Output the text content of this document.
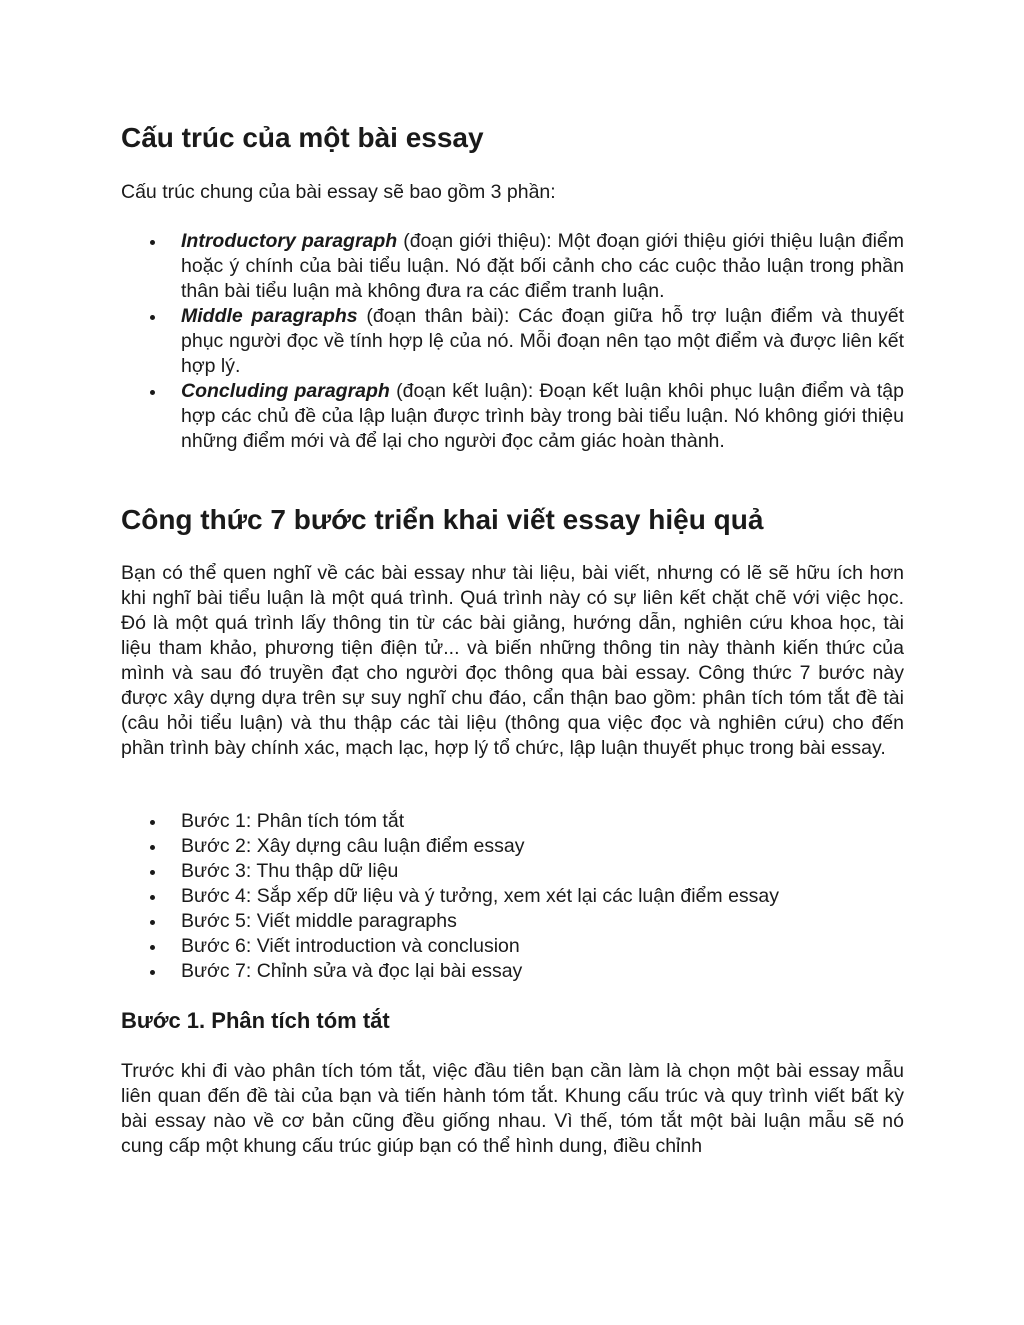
Cấu trúc của một bài essay

Cấu trúc chung của bài essay sẽ bao gồm 3 phần:

Introductory paragraph (đoạn giới thiệu): Một đoạn giới thiệu giới thiệu luận điểm hoặc ý chính của bài tiểu luận. Nó đặt bối cảnh cho các cuộc thảo luận trong phần thân bài tiểu luận mà không đưa ra các điểm tranh luận.
Middle paragraphs (đoạn thân bài): Các đoạn giữa hỗ trợ luận điểm và thuyết phục người đọc về tính hợp lệ của nó. Mỗi đoạn nên tạo một điểm và được liên kết hợp lý.
Concluding paragraph (đoạn kết luận): Đoạn kết luận khôi phục luận điểm và tập hợp các chủ đề của lập luận được trình bày trong bài tiểu luận. Nó không giới thiệu những điểm mới và để lại cho người đọc cảm giác hoàn thành.
Công thức 7 bước triển khai viết essay hiệu quả

Bạn có thể quen nghĩ về các bài essay như tài liệu, bài viết, nhưng có lẽ sẽ hữu ích hơn khi nghĩ bài tiểu luận là một quá trình. Quá trình này có sự liên kết chặt chẽ với việc học. Đó là một quá trình lấy thông tin từ các bài giảng, hướng dẫn, nghiên cứu khoa học, tài liệu tham khảo, phương tiện điện tử... và biến những thông tin này thành kiến thức của mình và sau đó truyền đạt cho người đọc thông qua bài essay. Công thức 7 bước này được xây dựng dựa trên sự suy nghĩ chu đáo, cẩn thận bao gồm: phân tích tóm tắt đề tài (câu hỏi tiểu luận) và thu thập các tài liệu (thông qua việc đọc và nghiên cứu) cho đến phần trình bày chính xác, mạch lạc, hợp lý tổ chức, lập luận thuyết phục trong bài essay.

Bước 1: Phân tích tóm tắt
Bước 2: Xây dựng câu luận điểm essay
Bước 3: Thu thập dữ liệu
Bước 4: Sắp xếp dữ liệu và ý tưởng, xem xét lại các luận điểm essay
Bước 5: Viết middle paragraphs
Bước 6: Viết introduction và conclusion
Bước 7: Chỉnh sửa và đọc lại bài essay
Bước 1. Phân tích tóm tắt

Trước khi đi vào phân tích tóm tắt, việc đầu tiên bạn cần làm là chọn một bài essay mẫu liên quan đến đề tài của bạn và tiến hành tóm tắt. Khung cấu trúc và quy trình viết bất kỳ bài essay nào về cơ bản cũng đều giống nhau. Vì thế, tóm tắt một bài luận mẫu sẽ nó cung cấp một khung cấu trúc giúp bạn có thể hình dung, điều chỉnh
